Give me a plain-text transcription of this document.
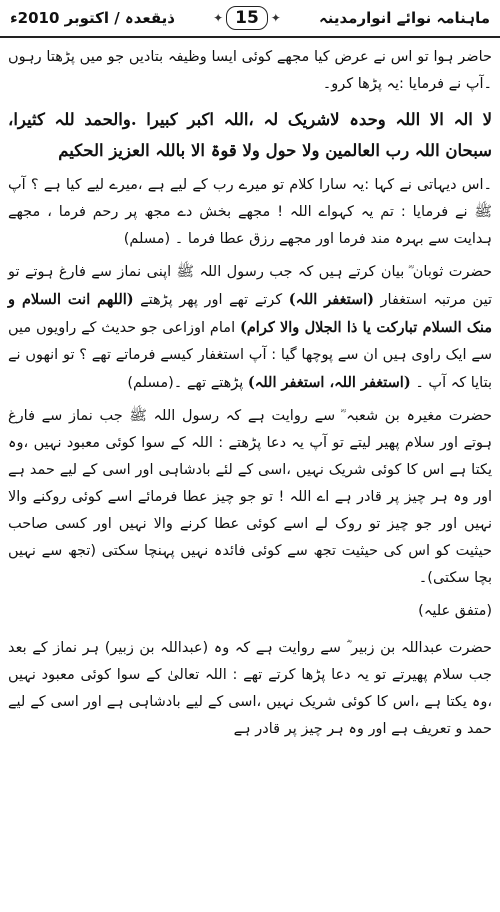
ذیقعدہ / اکتوبر 2010ء	✦ 15	✦	ماہنامہ نوائے انوارمدینہ

حاضر ہوا تو اس نے عرض کیا مجھے کوئی ایسا وظیفہ بتادیں جو میں پڑھتا رہوں ۔آپ نے فرمایا :یہ پڑھا کرو۔

لا الہ الا اللہ وحدہ لاشریک لہ ،اللہ اکبر کبیرا .والحمد للہ کثیرا، سبحان اللہ رب العالمین ولا حول ولا قوۃ الا باللہ العزیز الحکیم

۔اس دیہاتی نے کہا :یہ سارا کلام تو میرے رب کے لیے ہے ،میرے لیے کیا ہے ؟ آپ ﷺ نے فرمایا : تم یہ کہواے اللہ ! مجھے بخش دے مجھ پر رحم فرما ، مجھے ہدایت سے بہرہ مند فرما اور مجھے رزق عطا فرما ۔ (مسلم)

حضرت ثوبان ؓ بیان کرتے ہیں کہ جب رسول اللہ ﷺ اپنی نماز سے فارغ ہوتے تو تین مرتبہ استغفار (استغفر اللہ) کرتے تھے اور پھر پڑھتے (اللھم انت السلام و منک السلام تبارکت یا ذا الجلال والا کرام) امام اوزاعی جو حدیث کے راویوں میں سے ایک راوی ہیں ان سے پوچھا گیا : آپ استغفار کیسے فرماتے تھے ؟ تو انھوں نے بتایا کہ آپ ۔ (استغفر اللہ، استغفر اللہ) پڑھتے تھے ۔(مسلم)

حضرت مغیرہ بن شعبہ ؓ سے روایت ہے کہ رسول اللہ ﷺ جب نماز سے فارغ ہوتے اور سلام پھیر لیتے تو آپ یہ دعا پڑھتے : اللہ کے سوا کوئی معبود نہیں ،وہ یکتا ہے اس کا کوئی شریک نہیں ،اسی کے لئے بادشاہی اور اسی کے لیے حمد ہے اور وہ ہر چیز پر قادر ہے اے اللہ ! تو جو چیز عطا فرمائے اسے کوئی روکنے والا نہیں اور جو چیز تو روک لے اسے کوئی عطا کرنے والا نہیں اور کسی صاحب حیثیت کو اس کی حیثیت تجھ سے کوئی فائدہ نہیں پہنچا سکتی (تجھ سے نہیں بچا سکتی)۔

(متفق علیہ)

حضرت عبداللہ بن زبیر ؓ سے روایت ہے کہ وہ (عبداللہ بن زبیر) ہر نماز کے بعد جب سلام پھیرتے تو یہ دعا پڑھا کرتے تھے : اللہ تعالیٰ کے سوا کوئی معبود نہیں ،وہ یکتا ہے ،اس کا کوئی شریک نہیں ،اسی کے لیے بادشاہی ہے اور اسی کے لیے حمد و تعریف ہے اور وہ ہر چیز پر قادر ہے
